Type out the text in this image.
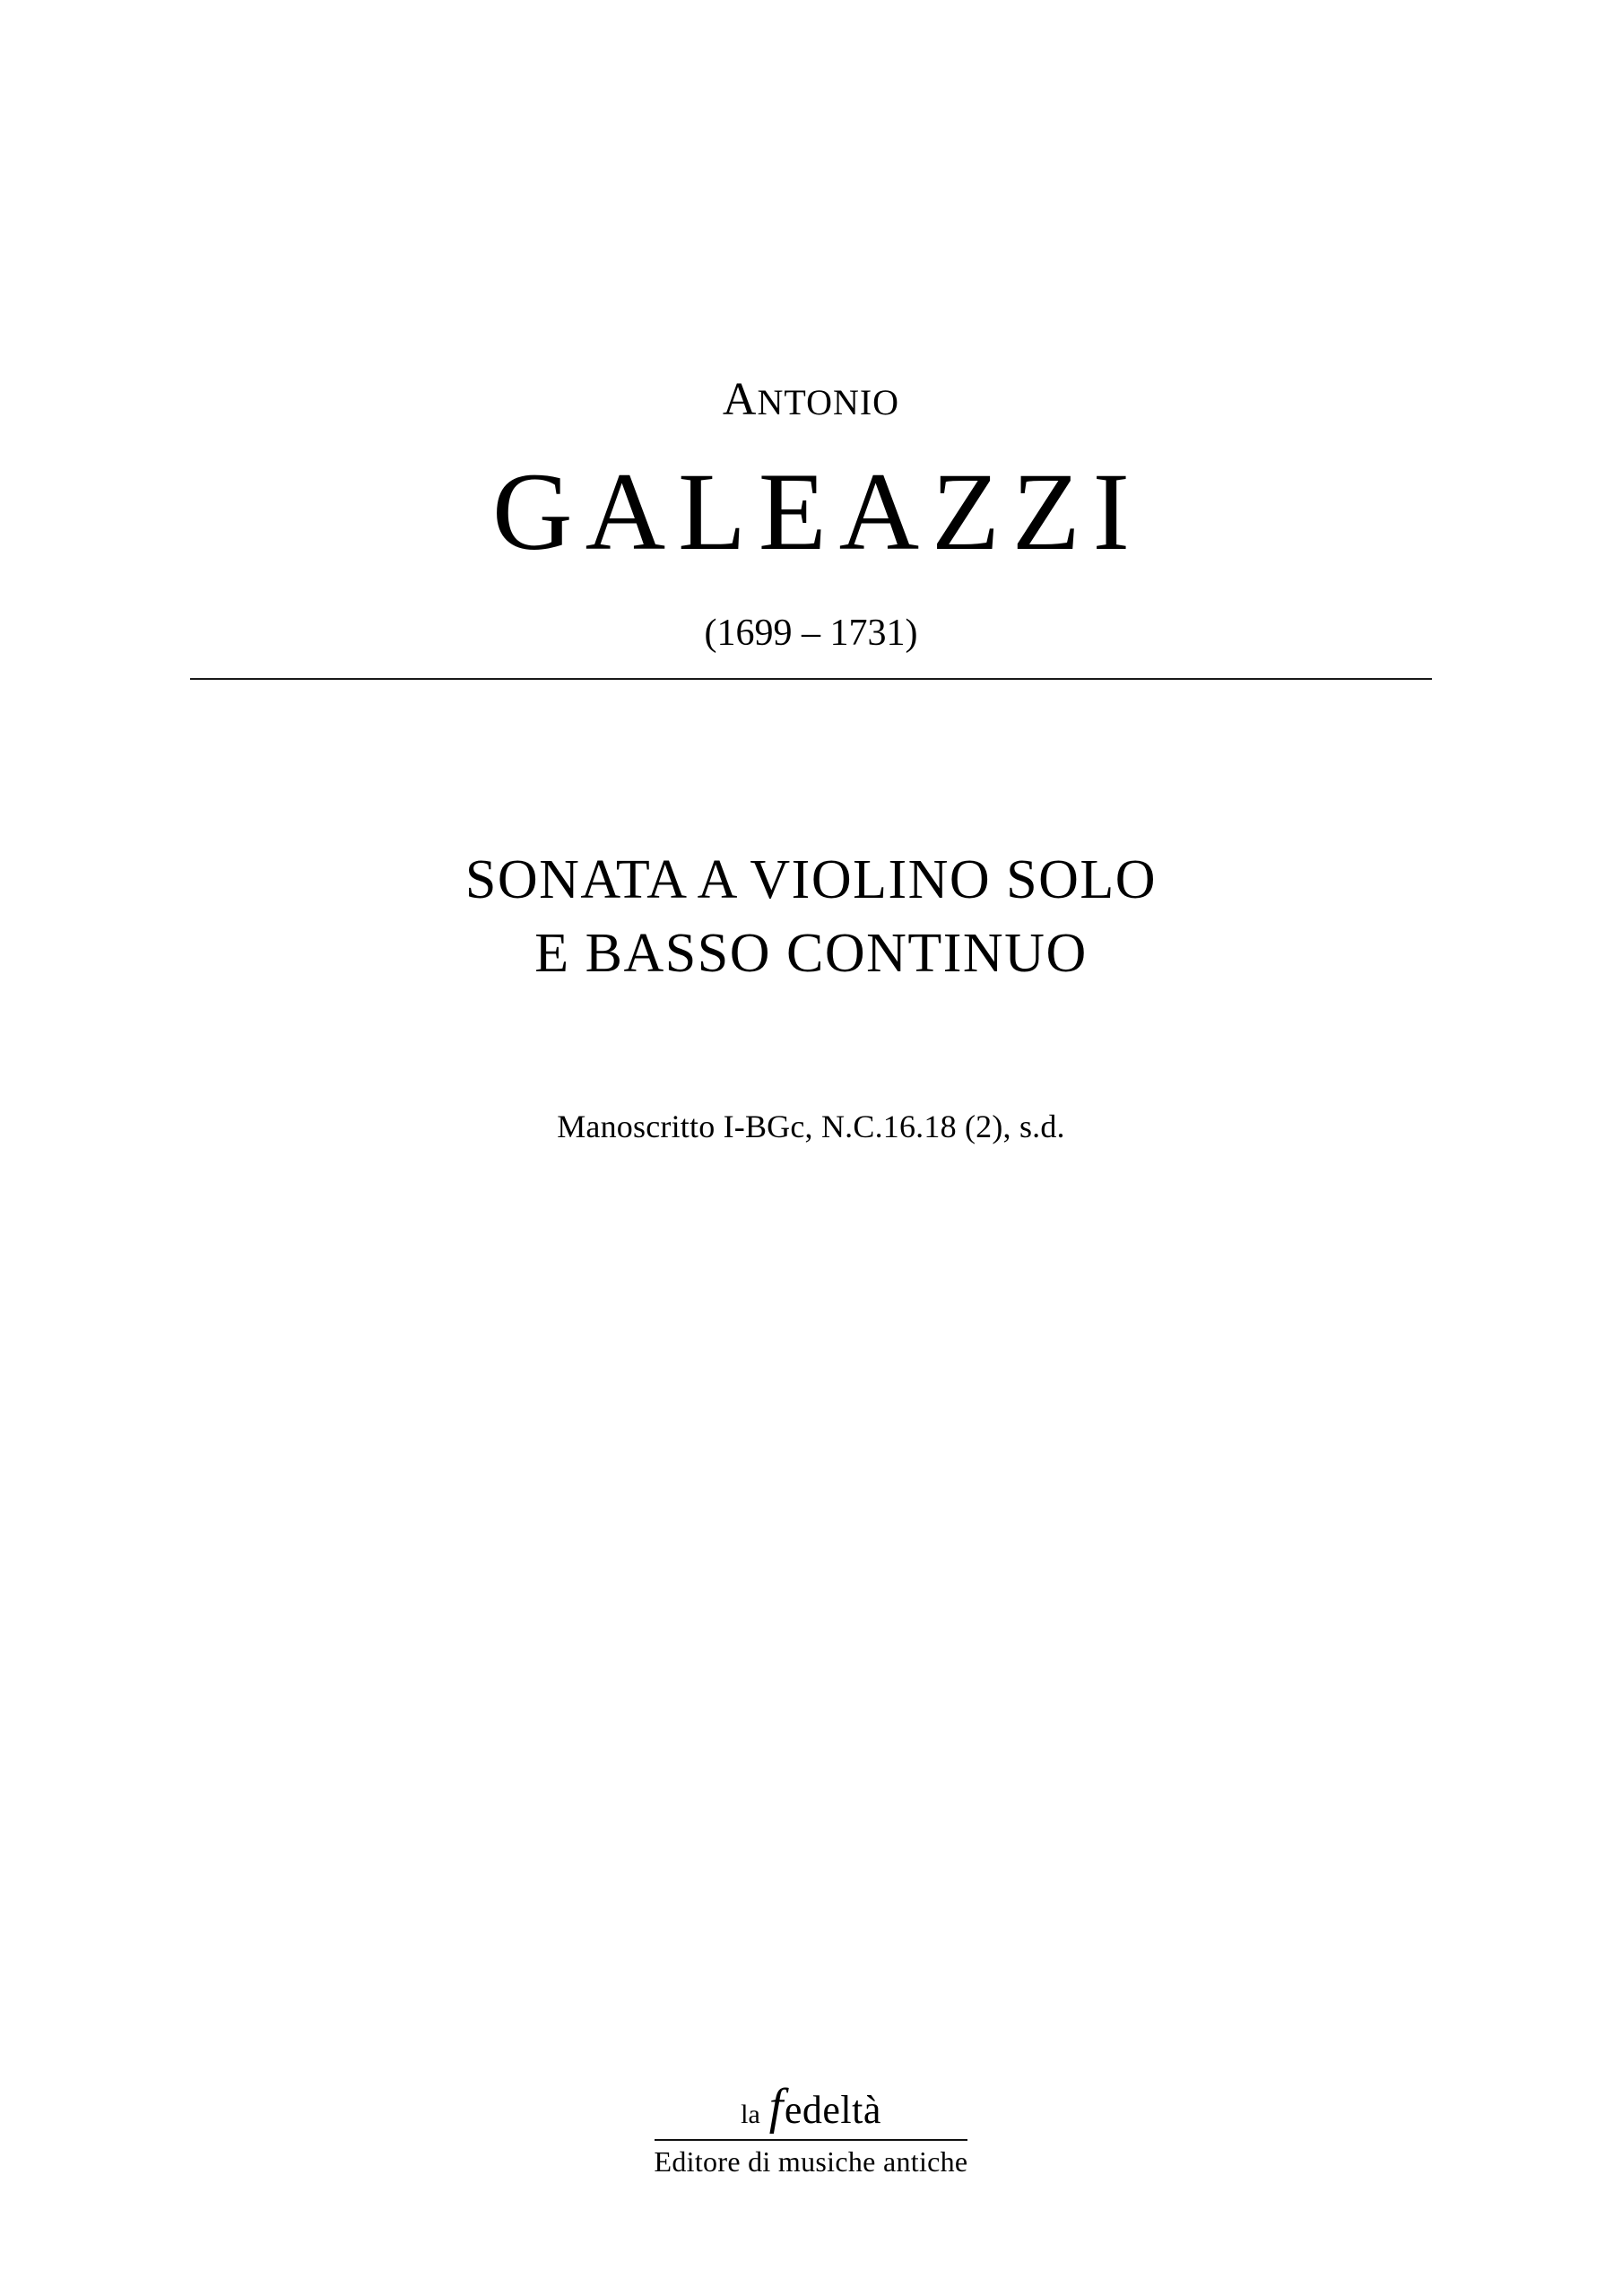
ANTONIO
GALEAZZI
(1699 – 1731)
SONATA A VIOLINO SOLO
E BASSO CONTINUO
Manoscritto I-BGc, N.C.16.18 (2), s.d.
la fedeltà
Editore di musiche antiche
